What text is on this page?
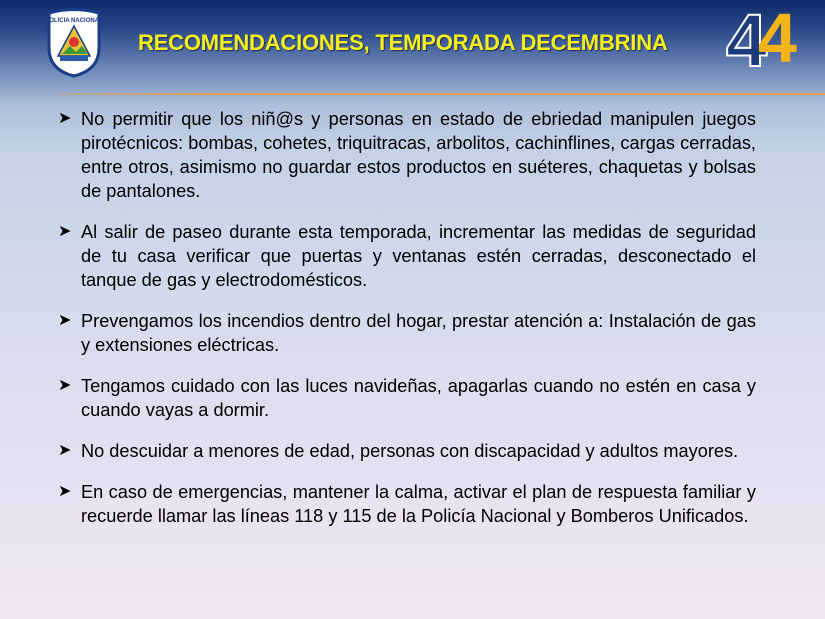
POLICIA NACIONAL
RECOMENDACIONES, TEMPORADA DECEMBRINA 4
4
➤ No permitir que los niñ@s y personas en estado de ebriedad manipulen juegos pirotécnicos: bombas, cohetes, triquitracas, arbolitos, cachinflines, cargas cerradas, entre otros, asimismo no guardar estos productos en suéteres, chaquetas y bolsas de pantalones.
➤ Al salir de paseo durante esta temporada, incrementar las medidas de seguridad de tu casa verificar que puertas y ventanas estén cerradas, desconectado el tanque de gas y electrodomésticos.
➤ Prevengamos los incendios dentro del hogar, prestar atención a: Instalación de gas y extensiones eléctricas.
➤ Tengamos cuidado con las luces navideñas, apagarlas cuando no estén en casa y cuando vayas a dormir.
➤ No descuidar a menores de edad, personas con discapacidad y adultos mayores.
➤ En caso de emergencias, mantener la calma, activar el plan de respuesta familiar y recuerde llamar las líneas 118 y 115 de la Policía Nacional y Bomberos Unificados.
